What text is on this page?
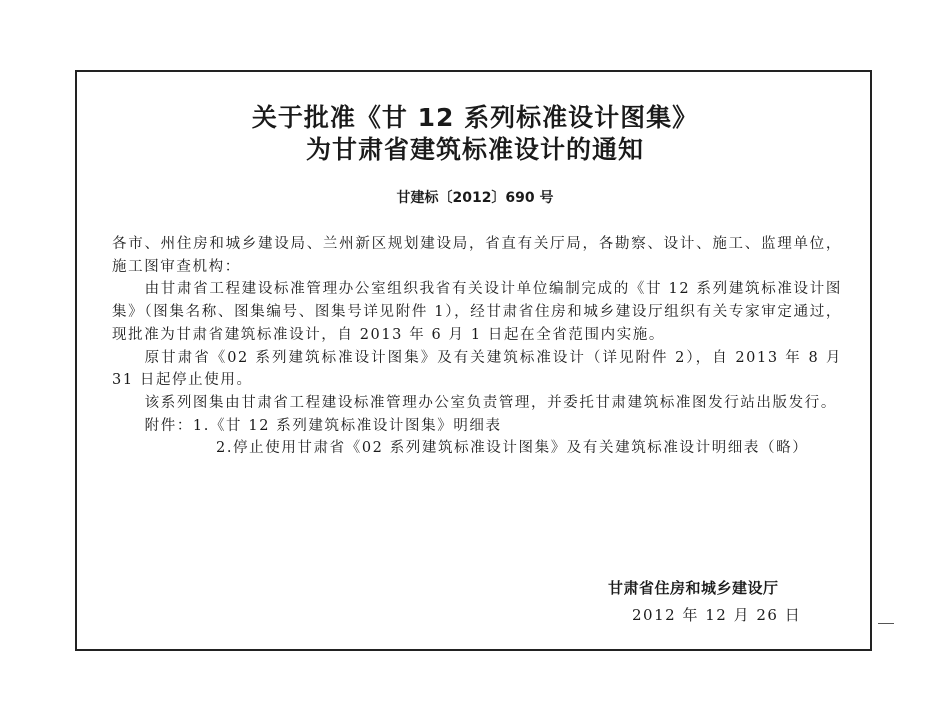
关于批准《甘 12 系列标准设计图集》
为甘肃省建筑标准设计的通知
甘建标〔2012〕690 号

各市、州住房和城乡建设局、兰州新区规划建设局，省直有关厅局，各勘察、设计、施工、监理单位，施工图审查机构：

由甘肃省工程建设标准管理办公室组织我省有关设计单位编制完成的《甘 12 系列建筑标准设计图集》（图集名称、图集编号、图集号详见附件 1），经甘肃省住房和城乡建设厅组织有关专家审定通过，现批准为甘肃省建筑标准设计，自 2013 年 6 月 1 日起在全省范围内实施。

原甘肃省《02 系列建筑标准设计图集》及有关建筑标准设计（详见附件 2），自 2013 年 8 月 31 日起停止使用。

该系列图集由甘肃省工程建设标准管理办公室负责管理，并委托甘肃建筑标准图发行站出版发行。

附件：1.《甘 12 系列建筑标准设计图集》明细表

2.停止使用甘肃省《02 系列建筑标准设计图集》及有关建筑标准设计明细表（略）

甘肃省住房和城乡建设厅
2012 年 12 月 26 日
